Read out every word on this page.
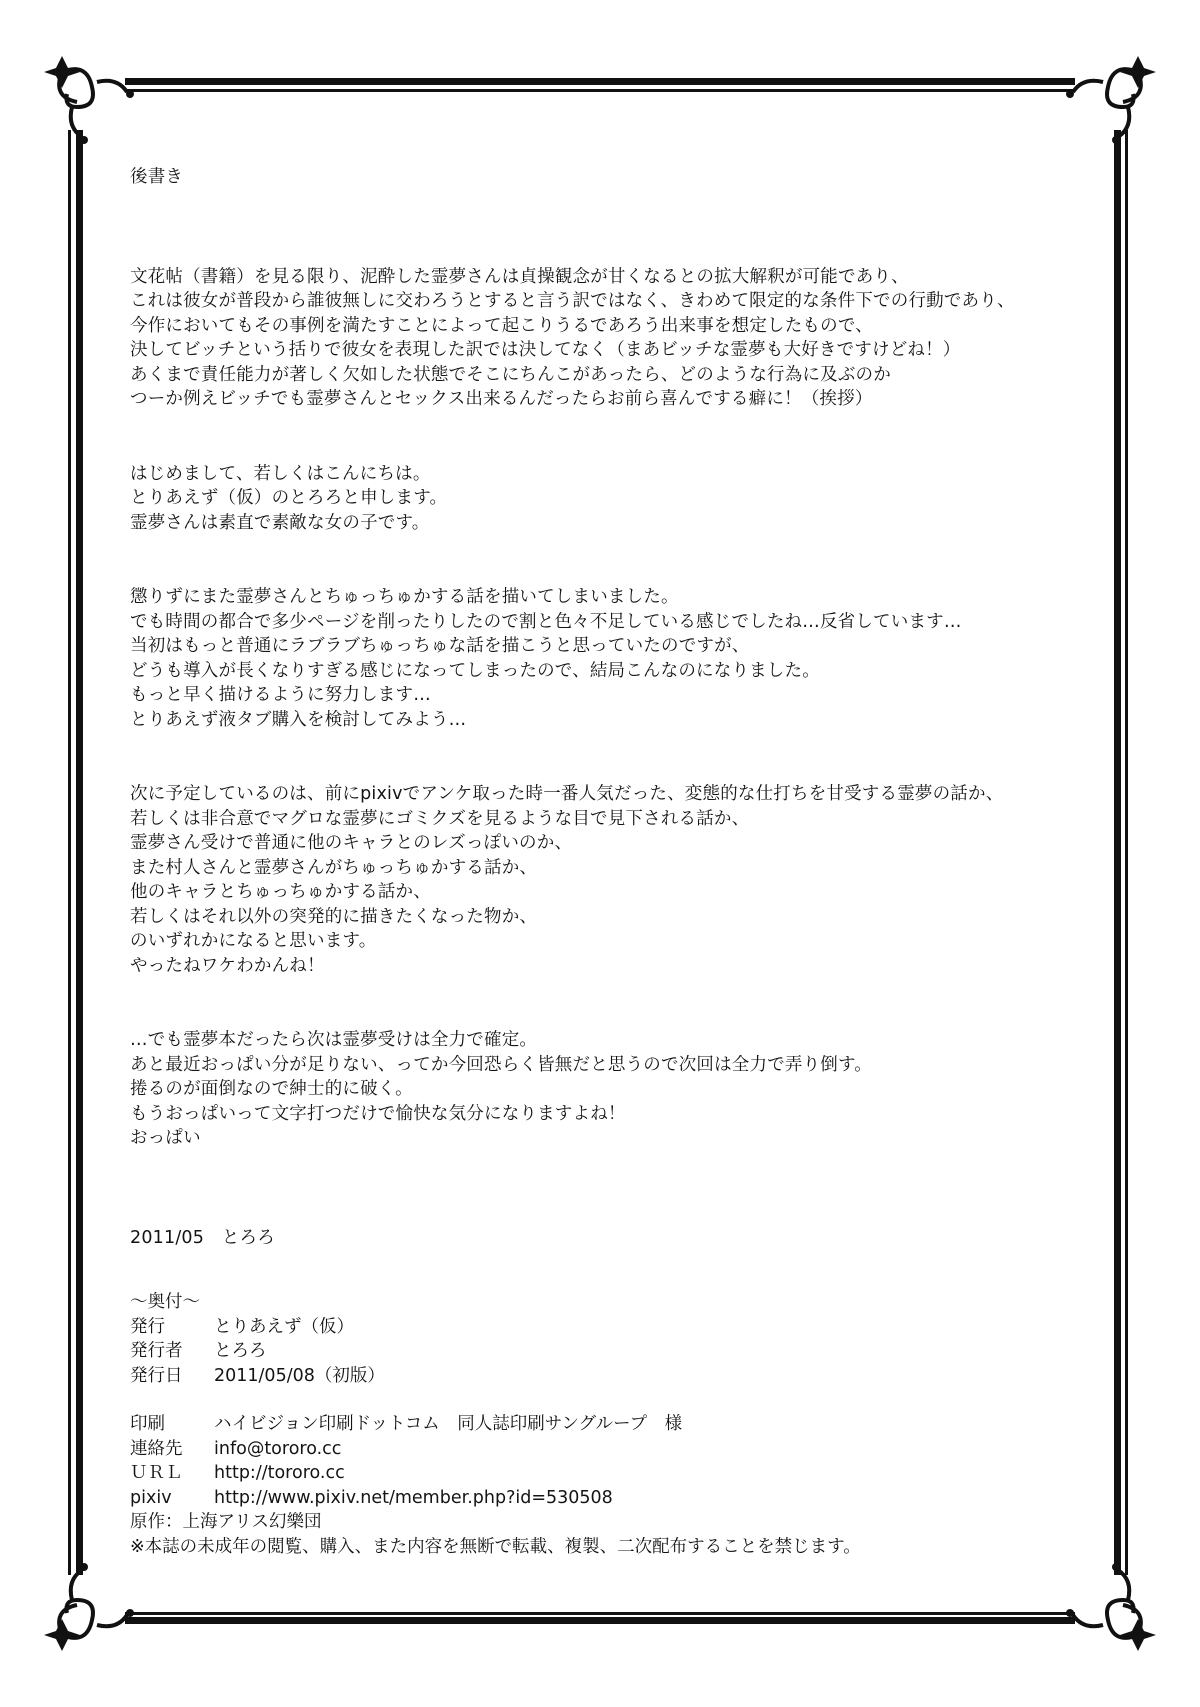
後書き
文花帖（書籍）を見る限り、泥酔した霊夢さんは貞操観念が甘くなるとの拡大解釈が可能であり、
これは彼女が普段から誰彼無しに交わろうとすると言う訳ではなく、きわめて限定的な条件下での行動であり、
今作においてもその事例を満たすことによって起こりうるであろう出来事を想定したもので、
決してビッチという括りで彼女を表現した訳では決してなく（まあビッチな霊夢も大好きですけどね！）
あくまで責任能力が著しく欠如した状態でそこにちんこがあったら、どのような行為に及ぶのか
つーか例えビッチでも霊夢さんとセックス出来るんだったらお前ら喜んでする癖に！（挨拶）
はじめまして、若しくはこんにちは。
とりあえず（仮）のとろろと申します。
霊夢さんは素直で素敵な女の子です。
懲りずにまた霊夢さんとちゅっちゅかする話を描いてしまいました。
でも時間の都合で多少ページを削ったりしたので割と色々不足している感じでしたね…反省しています…
当初はもっと普通にラブラブちゅっちゅな話を描こうと思っていたのですが、
どうも導入が長くなりすぎる感じになってしまったので、結局こんなのになりました。
もっと早く描けるように努力します…
とりあえず液タブ購入を検討してみよう…
次に予定しているのは、前にpixivでアンケ取った時一番人気だった、変態的な仕打ちを甘受する霊夢の話か、
若しくは非合意でマグロな霊夢にゴミクズを見るような目で見下される話か、
霊夢さん受けで普通に他のキャラとのレズっぽいのか、
また村人さんと霊夢さんがちゅっちゅかする話か、
他のキャラとちゅっちゅかする話か、
若しくはそれ以外の突発的に描きたくなった物か、
のいずれかになると思います。
やったねワケわかんね！
…でも霊夢本だったら次は霊夢受けは全力で確定。
あと最近おっぱい分が足りない、ってか今回恐らく皆無だと思うので次回は全力で弄り倒す。
捲るのが面倒なので紳士的に破く。
もうおっぱいって文字打つだけで愉快な気分になりますよね！
おっぱい
2011/05　とろろ
～奥付～
発行	とりあえず（仮）
発行者	とろろ
発行日	2011/05/08（初版）
印刷	ハイビジョン印刷ドットコム　同人誌印刷サングループ　様
連絡先	info@tororo.cc
ＵＲＬ	http://tororo.cc
pixiv	http://www.pixiv.net/member.php?id=530508
原作：上海アリス幻樂団
※本誌の未成年の閲覧、購入、また内容を無断で転載、複製、二次配布することを禁じます。
